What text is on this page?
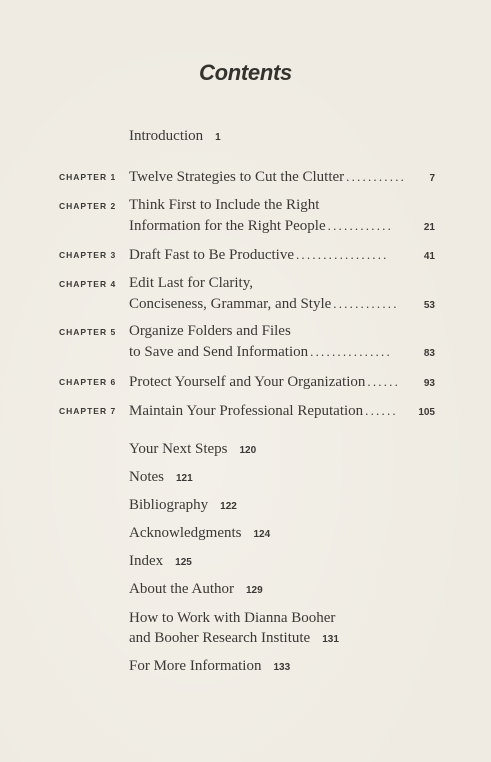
Contents
Introduction 1
CHAPTER 1 Twelve Strategies to Cut the Clutter ...........	7
CHAPTER 2 Think First to Include the Right
Information for the Right People ............	21
CHAPTER 3 Draft Fast to Be Productive .................	41
CHAPTER 4 Edit Last for Clarity,
Conciseness, Grammar, and Style ............	53
CHAPTER 5 Organize Folders and Files
to Save and Send Information ...............	83
CHAPTER 6 Protect Yourself and Your Organization ......	93
CHAPTER 7 Maintain Your Professional Reputation ......	105
Your Next Steps 120
Notes 121
Bibliography 122
Acknowledgments 124
Index 125
About the Author 129
How to Work with Dianna Booher
and Booher Research Institute 131
For More Information 133
